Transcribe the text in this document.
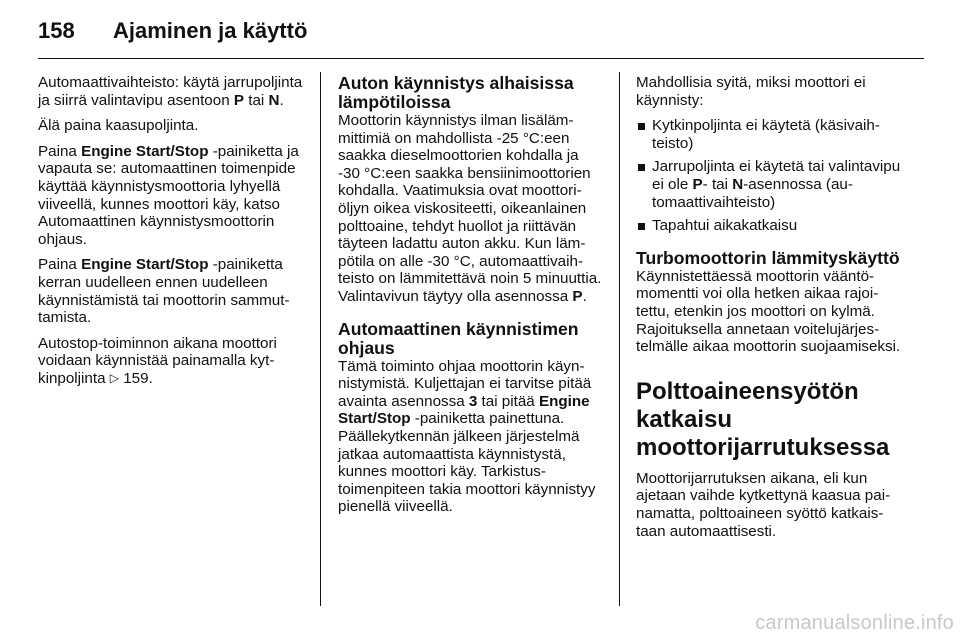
158	Ajaminen ja käyttö

Automaattivaihteisto: käytä jarrupoljinta ja siirrä valintavipu asentoon P tai N.

Älä paina kaasupoljinta.

Paina Engine Start/Stop -painiketta ja vapauta se: automaattinen toimenpide käyttää käynnistysmoottoria lyhyellä viiveellä, kunnes moottori käy, katso Automaattinen käynnistysmoottorin ohjaus.

Paina Engine Start/Stop -painiketta kerran uudelleen ennen uudelleen käynnistämistä tai moottorin sammuttamista.

Autostop-toiminnon aikana moottori voidaan käynnistää painamalla kytkinpoljinta ▷ 159.

Auton käynnistys alhaisissa lämpötiloissa

Moottorin käynnistys ilman lisälämmittimiä on mahdollista -25 °C:een saakka dieselmoottorien kohdalla ja -30 °C:een saakka bensiinimoottorien kohdalla. Vaatimuksia ovat moottoriöljyn oikea viskositeetti, oikeanlainen polttoaine, tehdyt huollot ja riittävän täyteen ladattu auton akku. Kun lämpötila on alle -30 °C, automaattivaihteisto on lämmitettävä noin 5 minuuttia. Valintavivun täytyy olla asennossa P.

Automaattinen käynnistimen ohjaus

Tämä toiminto ohjaa moottorin käynnistymistä. Kuljettajan ei tarvitse pitää avainta asennossa 3 tai pitää Engine Start/Stop -painiketta painettuna. Päällekytkennän jälkeen järjestelmä jatkaa automaattista käynnistystä, kunnes moottori käy. Tarkistustoimenpiteen takia moottori käynnistyy pienellä viiveellä.

Mahdollisia syitä, miksi moottori ei käynnisty:

Kytkinpoljinta ei käytetä (käsivaihteisto)
Jarrupoljinta ei käytetä tai valintavipu ei ole P- tai N-asennossa (automaattivaihteisto)
Tapahtui aikakatkaisu
Turbomoottorin lämmityskäyttö

Käynnistettäessä moottorin vääntömomentti voi olla hetken aikaa rajoitettu, etenkin jos moottori on kylmä. Rajoituksella annetaan voitelujärjestelmälle aikaa moottorin suojaamiseksi.

Polttoaineensyötön katkaisu moottorijarrutuksessa

Moottorijarrutuksen aikana, eli kun ajetaan vaihde kytkettynä kaasua painamatta, polttoaineen syöttö katkaistaan automaattisesti.

carmanualsonline.info
